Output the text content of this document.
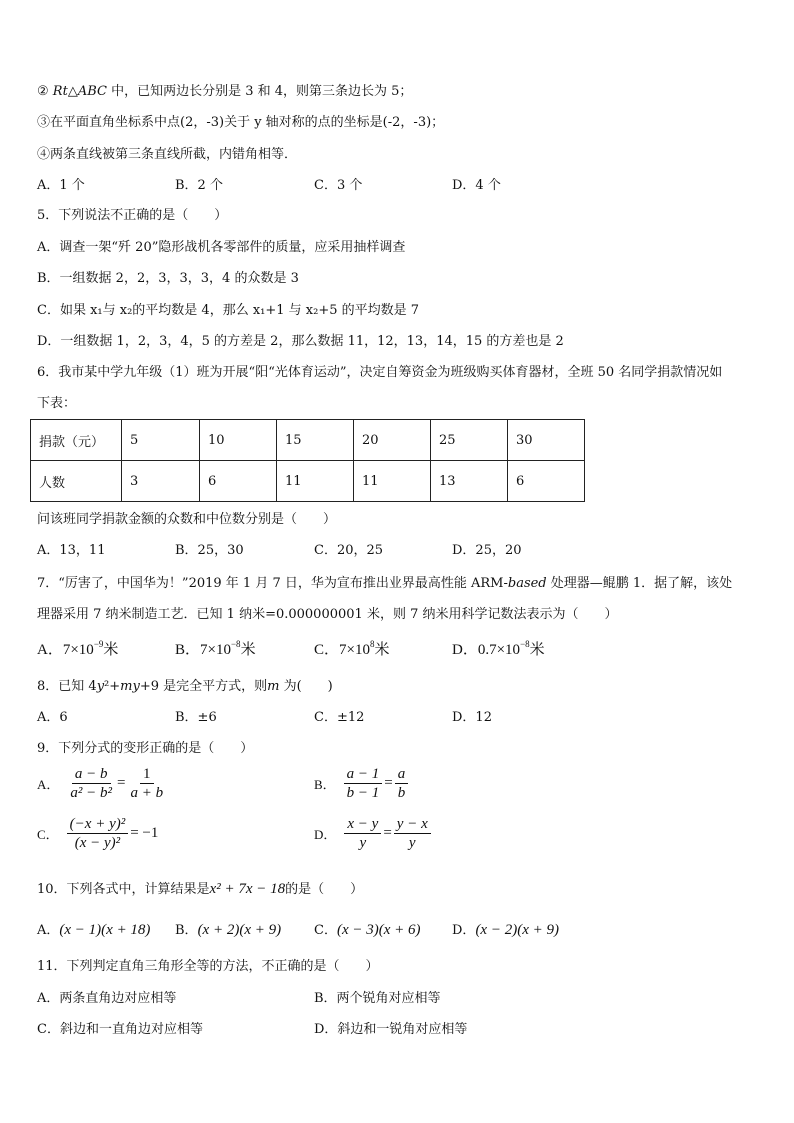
② Rt△ABC 中，已知两边长分别是 3 和 4，则第三条边长为 5；
③在平面直角坐标系中点(2，-3)关于 y 轴对称的点的坐标是(-2，-3)；
④两条直线被第三条直线所截，内错角相等．
A．1 个	B．2 个	C．3 个	D．4 个
5．下列说法不正确的是（　　）
A．调查一架“歼 20”隐形战机各零部件的质量，应采用抽样调查
B．一组数据 2，2，3，3，3，4 的众数是 3
C．如果 x₁与 x₂的平均数是 4，那么 x₁+1 与 x₂+5 的平均数是 7
D．一组数据 1，2，3，4，5 的方差是 2，那么数据 11，12，13，14，15 的方差也是 2
6．我市某中学九年级（1）班为开展“阳“光体育运动”，决定自筹资金为班级购买体育器材，全班 50 名同学捐款情况如
下表：
捐款（元）	5	10	15	20	25	30
人数	3	6	11	11	13	6
问该班同学捐款金额的众数和中位数分别是（　　）
A．13，11	B．25，30	C．20，25	D．25，20
7．“厉害了，中国华为！”2019 年 1 月 7 日，华为宣布推出业界最高性能 ARM-based 处理器—鲲鹏 1．据了解，该处
理器采用 7 纳米制造工艺．已知 1 纳米=0.000000001 米，则 7 纳米用科学记数法表示为（　　）
A．$7\times 10^{-9}$米	B．$7\times 10^{-8}$米	C．$7\times 10^8$米	D．$0.7\times 10^{-8}$米
8．已知 4y²+my+9 是完全平方式，则m 为(　　)
A．6	B．±6	C．±12	D．12
9．下列分式的变形正确的是（　　）
A． $\frac{a - b}{\text{a² − b²}} = \frac{1}{a + b}$	B． $\frac{a - 1}{b - 1} = \frac{a}{b}$
C． $\frac{\text{(−x + y)²}}{\text{(x − y)²}} = -1$	D． $\frac{x - y}{y} = \frac{y - x}{y}$
10．下列各式中，计算结果是x² + 7x − 18的是（　　）
A．(x − 1)(x + 18) B．(x + 2)(x + 9)	C．(x − 3)(x + 6) D．(x − 2)(x + 9)
11．下列判定直角三角形全等的方法，不正确的是（　　）
A．两条直角边对应相等	B．两个锐角对应相等
C．斜边和一直角边对应相等	D．斜边和一锐角对应相等
